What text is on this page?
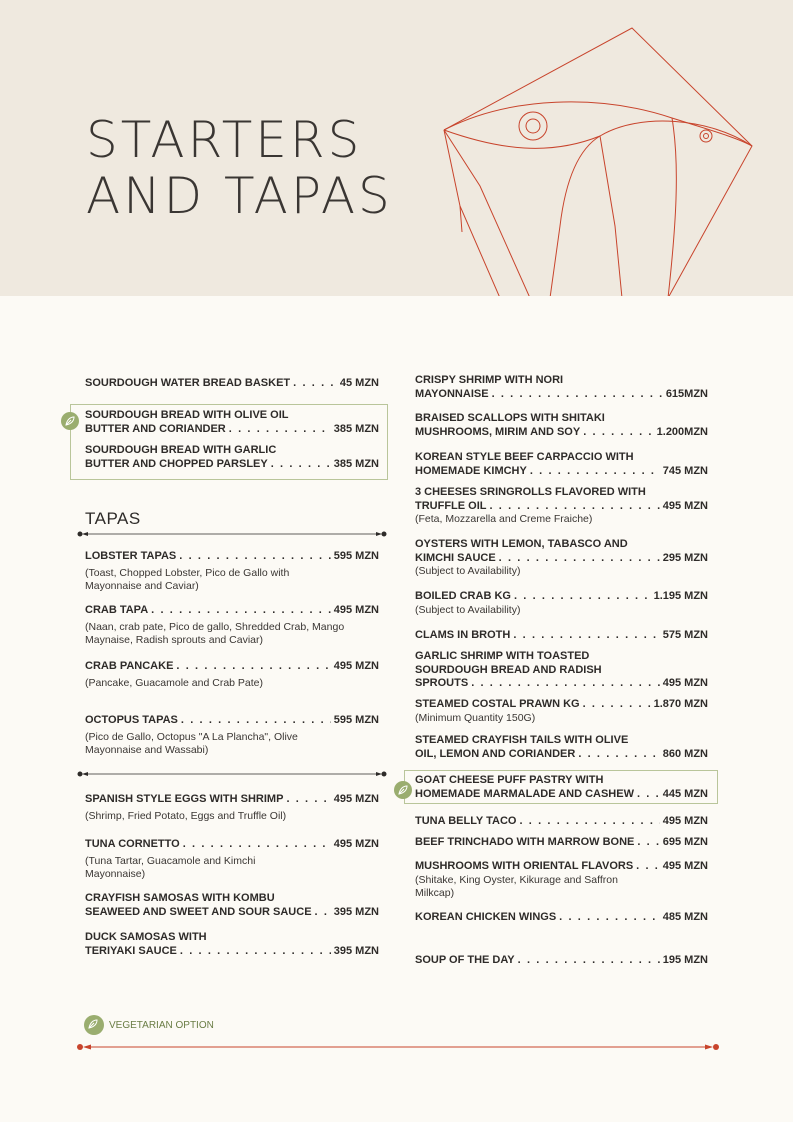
STARTERS
AND TAPAS
SOURDOUGH WATER BREAD BASKET . . .	45 MZN
SOURDOUGH BREAD WITH OLIVE OIL
BUTTER AND CORIANDER . . .	385 MZN
SOURDOUGH BREAD WITH GARLIC
BUTTER AND CHOPPED PARSLEY . . .	385 MZN
TAPAS
LOBSTER TAPAS . . .	595 MZN
(Toast, Chopped Lobster, Pico de Gallo with Mayonnaise and Caviar)
CRAB TAPA . . .	495 MZN
(Naan, crab pate, Pico de gallo, Shredded Crab, Mango Maynaise, Radish sprouts and Caviar)
CRAB PANCAKE . . .	495 MZN
(Pancake, Guacamole and Crab Pate)
OCTOPUS TAPAS . . .	595 MZN
(Pico de Gallo, Octopus "A La Plancha", Olive Mayonnaise and Wassabi)
SPANISH STYLE EGGS WITH SHRIMP . . .	495 MZN
(Shrimp, Fried Potato, Eggs and Truffle Oil)
TUNA CORNETTO . . .	495 MZN
(Tuna Tartar, Guacamole and Kimchi Mayonnaise)
CRAYFISH SAMOSAS WITH KOMBU
SEAWEED AND SWEET AND SOUR SAUCE . . . 395 MZN
DUCK SAMOSAS WITH
TERIYAKI SAUCE . . .	395 MZN
CRISPY SHRIMP WITH NORI
MAYONNAISE . . .	615MZN
BRAISED SCALLOPS WITH SHITAKI
MUSHROOMS, MIRIM AND SOY . . .	1.200MZN
KOREAN STYLE BEEF CARPACCIO WITH
HOMEMADE KIMCHY . . .	745 MZN
3 CHEESES SRINGROLLS FLAVORED WITH
TRUFFLE OIL . . .	495 MZN
(Feta, Mozzarella and Creme Fraiche)
OYSTERS WITH LEMON, TABASCO AND
KIMCHI SAUCE . . .	295 MZN
(Subject to Availability)
BOILED CRAB KG . . .	1.195 MZN
(Subject to Availability)
CLAMS IN BROTH . . .	575 MZN
GARLIC SHRIMP WITH TOASTED
SOURDOUGH BREAD AND RADISH
SPROUTS . . .	495 MZN
STEAMED COSTAL PRAWN KG . . .	1.870 MZN
(Minimum Quantity 150G)
STEAMED CRAYFISH TAILS WITH OLIVE
OIL, LEMON AND CORIANDER . . .	860 MZN
GOAT CHEESE PUFF PASTRY WITH
HOMEMADE MARMALADE AND CASHEW . . .	445 MZN
TUNA BELLY TACO . . .	495 MZN
BEEF TRINCHADO WITH MARROW BONE . . .	695 MZN
MUSHROOMS WITH ORIENTAL FLAVORS . . .	495 MZN
(Shitake, King Oyster, Kikurage and Saffron Milkcap)
KOREAN CHICKEN WINGS . . .	485 MZN
SOUP OF THE DAY . . .	195 MZN
VEGETARIAN OPTION
